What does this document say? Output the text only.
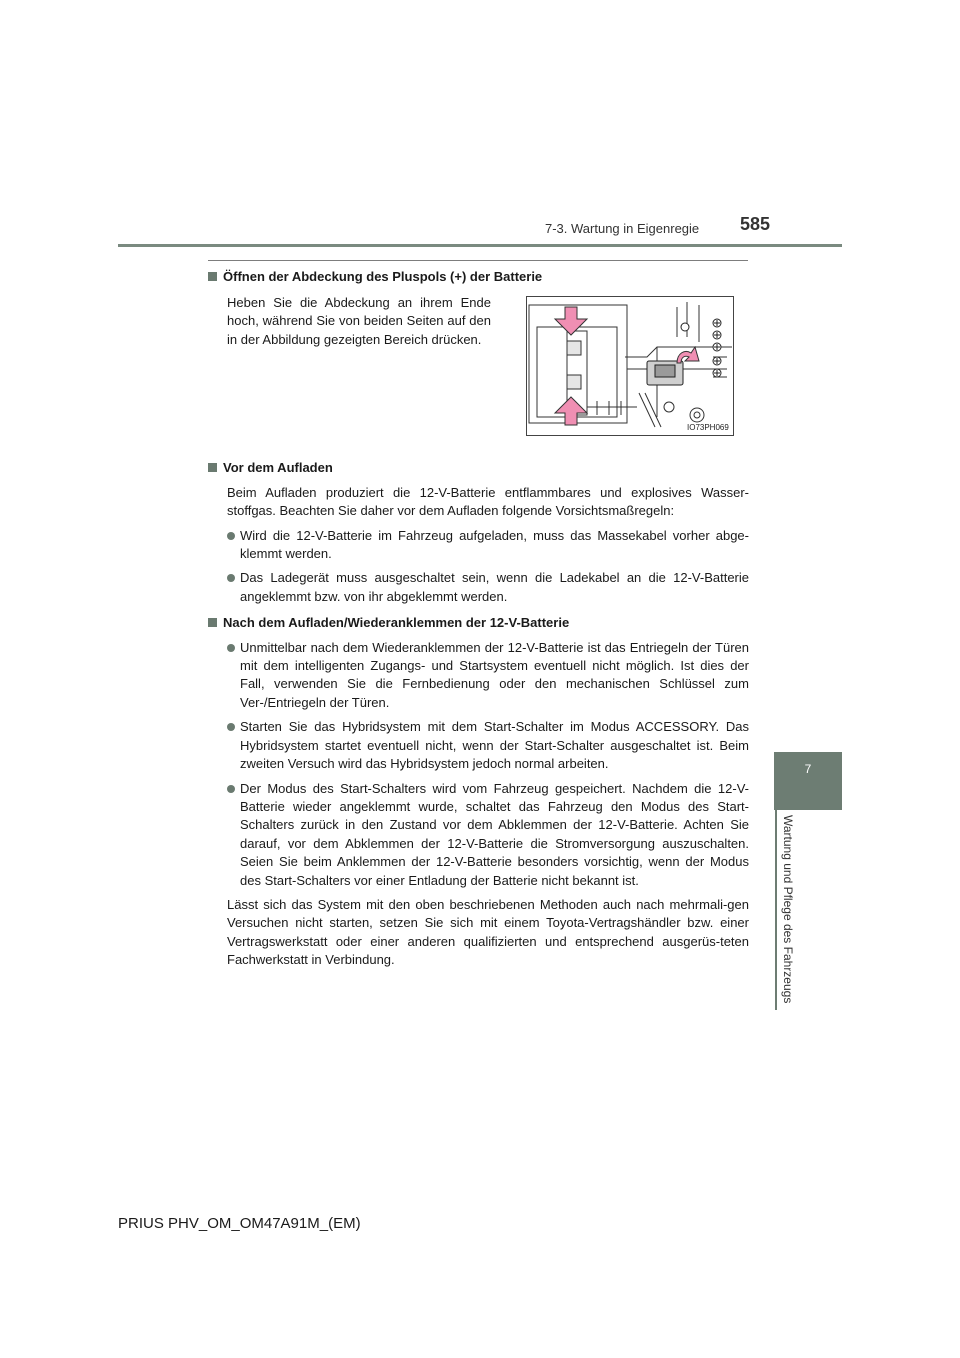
7-3. Wartung in Eigenregie 585
7
Wartung und Pflege des Fahrzeugs
Heben Sie die Abdeckung an ihrem Ende hoch, während Sie von beiden Seiten auf den in der Abbildung gezeigten Bereich drücken.
IO73PH069

Öffnen der Abdeckung des Pluspols (+) der Batterie

Vor dem Aufladen

Beim Aufladen produziert die 12-V-Batterie entflammbares und explosives Wasser-stoffgas. Beachten Sie daher vor dem Aufladen folgende Vorsichtsmaßregeln:

Wird die 12-V-Batterie im Fahrzeug aufgeladen, muss das Massekabel vorher abge-klemmt werden.
Das Ladegerät muss ausgeschaltet sein, wenn die Ladekabel an die 12-V-Batterie angeklemmt bzw. von ihr abgeklemmt werden.

Nach dem Aufladen/Wiederanklemmen der 12-V-Batterie

Unmittelbar nach dem Wiederanklemmen der 12-V-Batterie ist das Entriegeln der Türen mit dem intelligenten Zugangs- und Startsystem eventuell nicht möglich. Ist dies der Fall, verwenden Sie die Fernbedienung oder den mechanischen Schlüssel zum Ver-/Entriegeln der Türen.
Starten Sie das Hybridsystem mit dem Start-Schalter im Modus ACCESSORY. Das Hybridsystem startet eventuell nicht, wenn der Start-Schalter ausgeschaltet ist. Beim zweiten Versuch wird das Hybridsystem jedoch normal arbeiten.
Der Modus des Start-Schalters wird vom Fahrzeug gespeichert. Nachdem die 12-V-Batterie wieder angeklemmt wurde, schaltet das Fahrzeug den Modus des Start-Schalters zurück in den Zustand vor dem Abklemmen der 12-V-Batterie. Achten Sie darauf, vor dem Abklemmen der 12-V-Batterie die Stromversorgung auszuschalten. Seien Sie beim Anklemmen der 12-V-Batterie besonders vorsichtig, wenn der Modus des Start-Schalters vor einer Entladung der Batterie nicht bekannt ist.

Lässt sich das System mit den oben beschriebenen Methoden auch nach mehrmali-gen Versuchen nicht starten, setzen Sie sich mit einem Toyota-Vertragshändler bzw. einer Vertragswerkstatt oder einer anderen qualifizierten und entsprechend ausgerüs-teten Fachwerkstatt in Verbindung.

PRIUS PHV_OM_OM47A91M_(EM)
